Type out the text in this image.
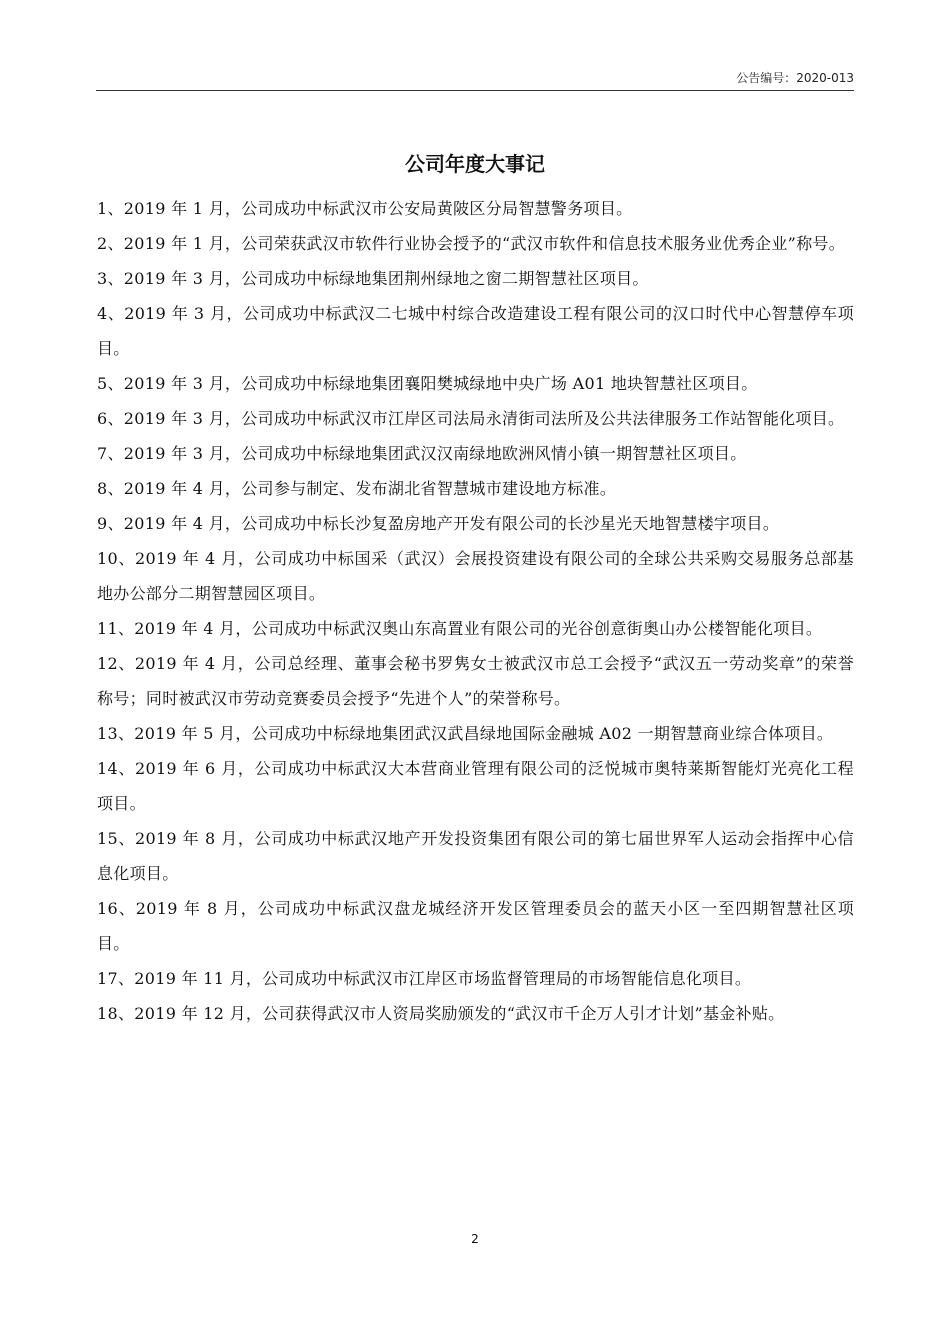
公告编号：2020-013
公司年度大事记
1、2019 年 1 月，公司成功中标武汉市公安局黄陂区分局智慧警务项目。
2、2019 年 1 月，公司荣获武汉市软件行业协会授予的“武汉市软件和信息技术服务业优秀企业”称号。
3、2019 年 3 月，公司成功中标绿地集团荆州绿地之窗二期智慧社区项目。
4、2019 年 3 月，公司成功中标武汉二七城中村综合改造建设工程有限公司的汉口时代中心智慧停车项目。
5、2019 年 3 月，公司成功中标绿地集团襄阳樊城绿地中央广场 A01 地块智慧社区项目。
6、2019 年 3 月，公司成功中标武汉市江岸区司法局永清街司法所及公共法律服务工作站智能化项目。
7、2019 年 3 月，公司成功中标绿地集团武汉汉南绿地欧洲风情小镇一期智慧社区项目。
8、2019 年 4 月，公司参与制定、发布湖北省智慧城市建设地方标准。
9、2019 年 4 月，公司成功中标长沙复盈房地产开发有限公司的长沙星光天地智慧楼宇项目。
10、2019 年 4 月，公司成功中标国采（武汉）会展投资建设有限公司的全球公共采购交易服务总部基地办公部分二期智慧园区项目。
11、2019 年 4 月，公司成功中标武汉奥山东高置业有限公司的光谷创意街奥山办公楼智能化项目。
12、2019 年 4 月，公司总经理、董事会秘书罗隽女士被武汉市总工会授予“武汉五一劳动奖章”的荣誉称号；同时被武汉市劳动竞赛委员会授予“先进个人”的荣誉称号。
13、2019 年 5 月，公司成功中标绿地集团武汉武昌绿地国际金融城 A02 一期智慧商业综合体项目。
14、2019 年 6 月，公司成功中标武汉大本营商业管理有限公司的泛悦城市奥特莱斯智能灯光亮化工程项目。
15、2019 年 8 月，公司成功中标武汉地产开发投资集团有限公司的第七届世界军人运动会指挥中心信息化项目。
16、2019 年 8 月，公司成功中标武汉盘龙城经济开发区管理委员会的蓝天小区一至四期智慧社区项目。
17、2019 年 11 月，公司成功中标武汉市江岸区市场监督管理局的市场智能信息化项目。
18、2019 年 12 月，公司获得武汉市人资局奖励颁发的“武汉市千企万人引才计划”基金补贴。
2
